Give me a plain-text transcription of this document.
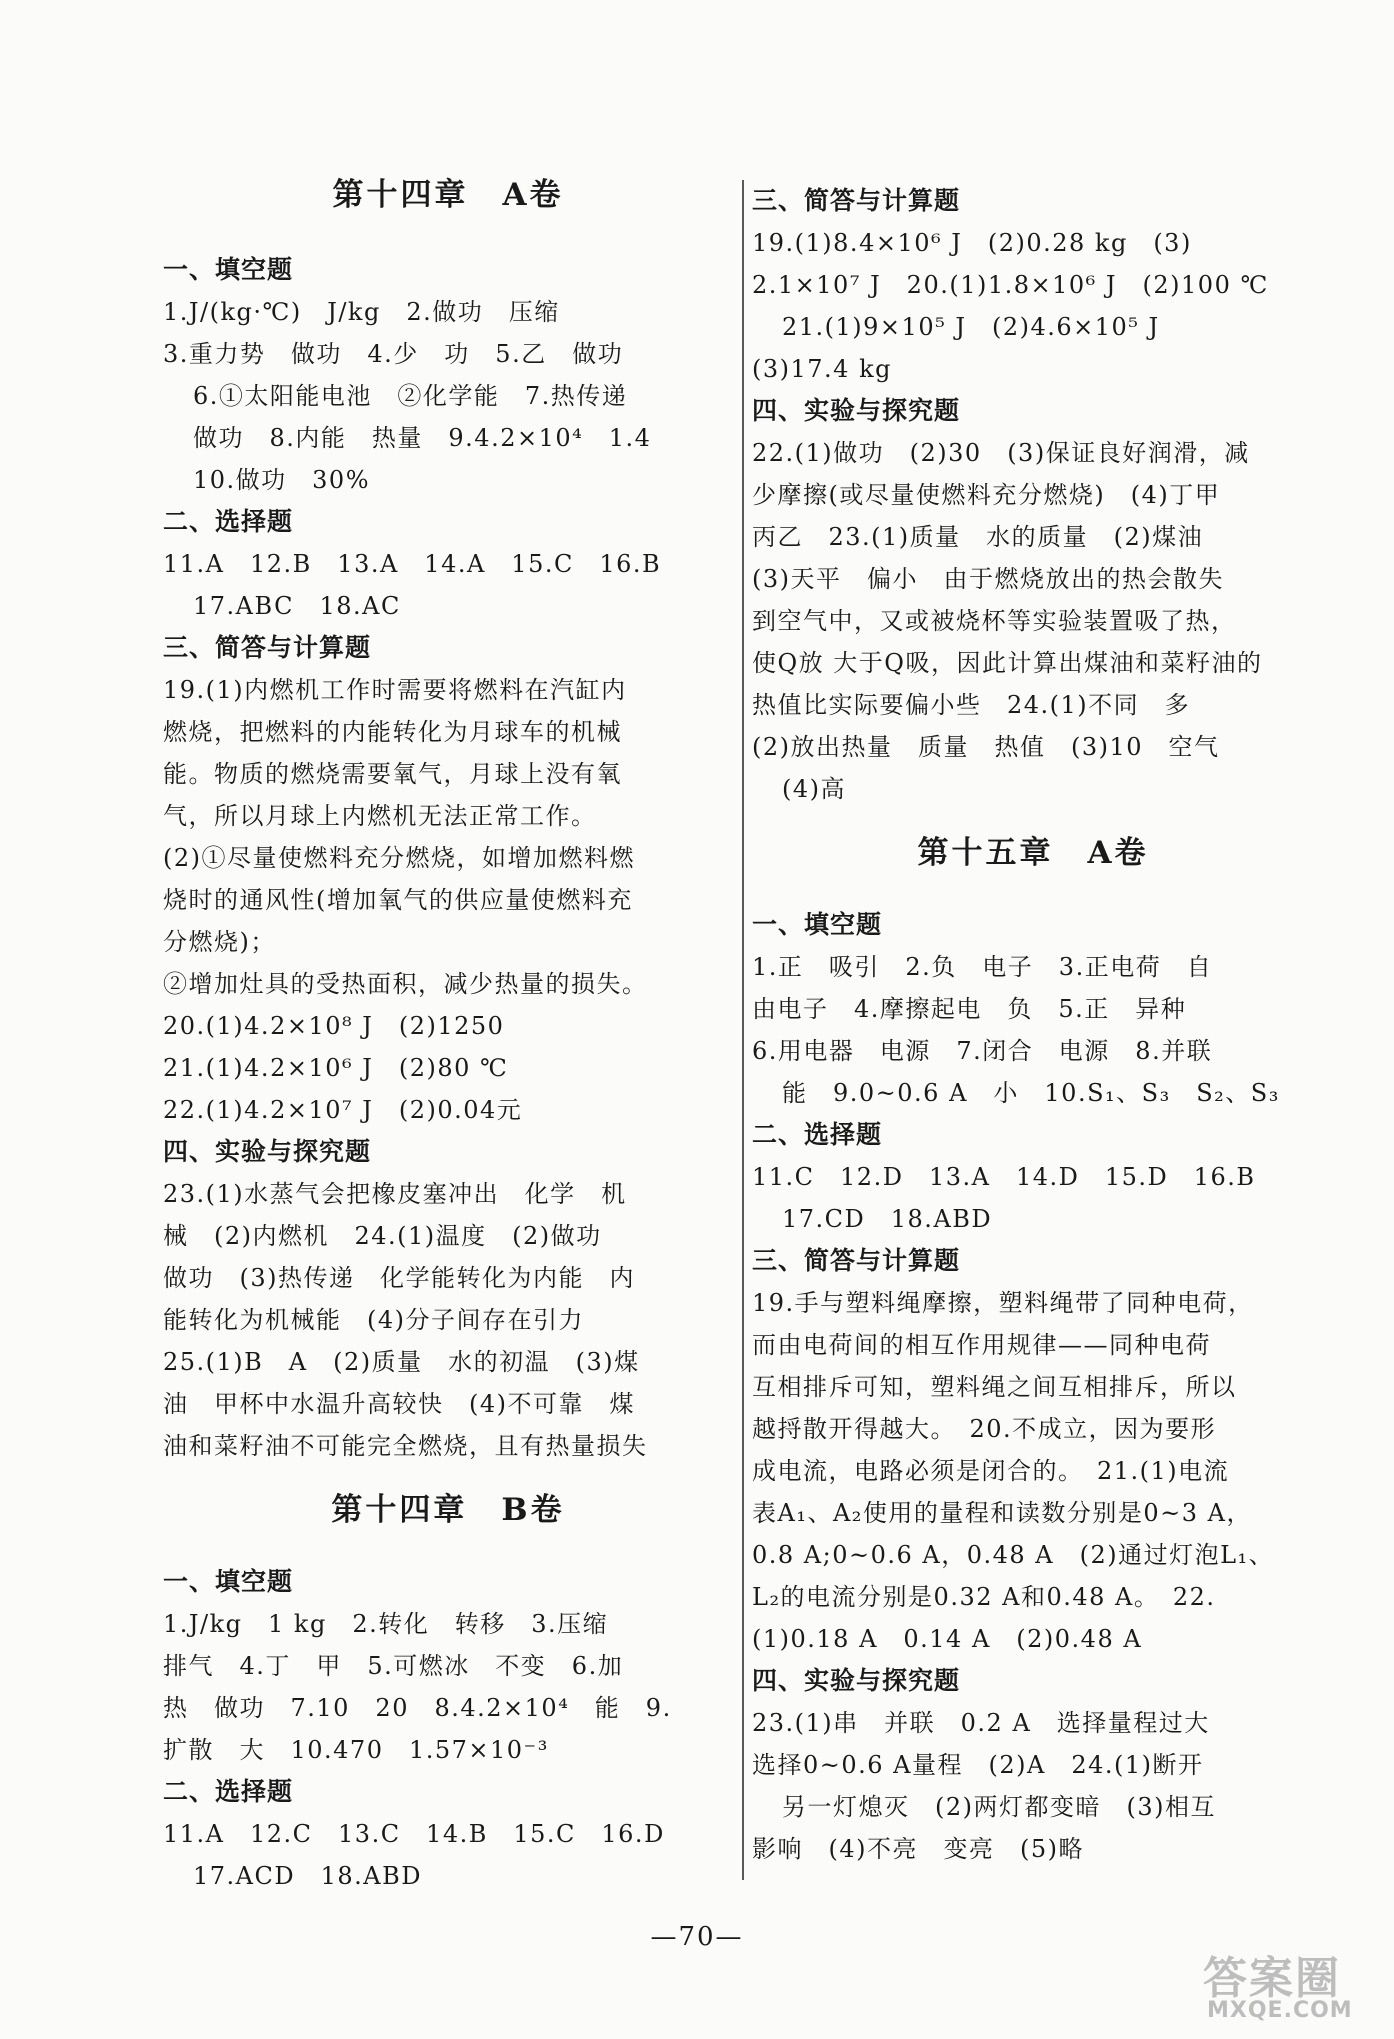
第十四章　A卷
一、填空题
1.J/(kg·℃)　J/kg　2.做功　压缩
3.重力势　做功　4.少　功　5.乙　做功
6.①太阳能电池　②化学能　7.热传递
做功　8.内能　热量　9.4.2×10⁴　1.4
10.做功　30%
二、选择题
11.A　12.B　13.A　14.A　15.C　16.B
17.ABC　18.AC
三、简答与计算题
19.(1)内燃机工作时需要将燃料在汽缸内
燃烧，把燃料的内能转化为月球车的机械
能。物质的燃烧需要氧气，月球上没有氧
气，所以月球上内燃机无法正常工作。
(2)①尽量使燃料充分燃烧，如增加燃料燃
烧时的通风性(增加氧气的供应量使燃料充
分燃烧)；
②增加灶具的受热面积，减少热量的损失。
20.(1)4.2×10⁸ J　(2)1250
21.(1)4.2×10⁶ J　(2)80 ℃
22.(1)4.2×10⁷ J　(2)0.04元
四、实验与探究题
23.(1)水蒸气会把橡皮塞冲出　化学　机
械　(2)内燃机　24.(1)温度　(2)做功
做功　(3)热传递　化学能转化为内能　内
能转化为机械能　(4)分子间存在引力
25.(1)B　A　(2)质量　水的初温　(3)煤
油　甲杯中水温升高较快　(4)不可靠　煤
油和菜籽油不可能完全燃烧，且有热量损失
第十四章　B卷
一、填空题
1.J/kg　1 kg　2.转化　转移　3.压缩
排气　4.丁　甲　5.可燃冰　不变　6.加
热　做功　7.10　20　8.4.2×10⁴　能　9.
扩散　大　10.470　1.57×10⁻³
二、选择题
11.A　12.C　13.C　14.B　15.C　16.D
17.ACD　18.ABD
三、简答与计算题
19.(1)8.4×10⁶ J　(2)0.28 kg　(3)
2.1×10⁷ J　20.(1)1.8×10⁶ J　(2)100 ℃
21.(1)9×10⁵ J　(2)4.6×10⁵ J
(3)17.4 kg
四、实验与探究题
22.(1)做功　(2)30　(3)保证良好润滑，减
少摩擦(或尽量使燃料充分燃烧)　(4)丁甲
丙乙　23.(1)质量　水的质量　(2)煤油
(3)天平　偏小　由于燃烧放出的热会散失
到空气中，又或被烧杯等实验装置吸了热，
使Q放 大于Q吸，因此计算出煤油和菜籽油的
热值比实际要偏小些　24.(1)不同　多
(2)放出热量　质量　热值　(3)10　空气
(4)高
第十五章　A卷
一、填空题
1.正　吸引　2.负　电子　3.正电荷　自
由电子　4.摩擦起电　负　5.正　异种
6.用电器　电源　7.闭合　电源　8.并联
能　9.0~0.6 A　小　10.S₁、S₃　S₂、S₃
二、选择题
11.C　12.D　13.A　14.D　15.D　16.B
17.CD　18.ABD
三、简答与计算题
19.手与塑料绳摩擦，塑料绳带了同种电荷，
而由电荷间的相互作用规律——同种电荷
互相排斥可知，塑料绳之间互相排斥，所以
越捋散开得越大。　20.不成立，因为要形
成电流，电路必须是闭合的。　21.(1)电流
表A₁、A₂使用的量程和读数分别是0~3 A，
0.8 A;0~0.6 A，0.48 A　(2)通过灯泡L₁、
L₂的电流分别是0.32 A和0.48 A。　22.
(1)0.18 A　0.14 A　(2)0.48 A
四、实验与探究题
23.(1)串　并联　0.2 A　选择量程过大
选择0~0.6 A量程　(2)A　24.(1)断开
另一灯熄灭　(2)两灯都变暗　(3)相互
影响　(4)不亮　变亮　(5)略
—70—
答案圈
MXQE.COM
